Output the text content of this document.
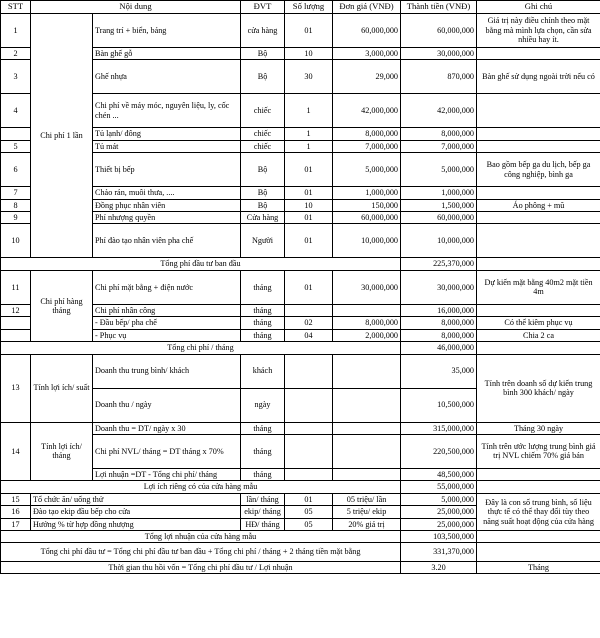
STT	Nội dung		ĐVT	Số lượng	Đơn giá (VNĐ)	Thành tiền (VNĐ)	Ghi chú
1	Chi phí 1 lần	Trang trí + biển, bảng	cửa hàng	01	60,000,000	60,000,000	Giá trị này điều chỉnh theo mặt bằng mà mình lựa chọn, cần sửa nhiều hay ít.
2		Bàn ghế gỗ	Bộ	10	3,000,000	30,000,000	
3		Ghế nhựa	Bộ	30	29,000	870,000	Bàn ghế sử dụng ngoài trời nếu có
4		Chi phí về máy móc, nguyên liệu, ly, cốc chén ...	chiếc	1	42,000,000	42,000,000	
		Tủ lạnh/ đông	chiếc	1	8,000,000	8,000,000	
5		Tủ mát	chiếc	1	7,000,000	7,000,000	
6		Thiết bị bếp	Bộ	01	5,000,000	5,000,000	Bao gồm bếp ga du lịch, bếp ga công nghiệp, bình ga
7		Chảo rán, muôi thưa, ....	Bộ	01	1,000,000	1,000,000	
8		Đồng phục nhân viên	Bộ	10	150,000	1,500,000	Áo phông + mũ
9		Phí nhượng quyền	Cửa hàng	01	60,000,000	60,000,000	
10		Phí đào tạo nhân viên pha chế	Người	01	10,000,000	10,000,000	
Tổng phí đầu tư ban đầu						225,370,000	
11	Chi phí hàng tháng	Chi phí mặt bằng + điện nước	tháng	01	30,000,000	30,000,000	Dự kiến mặt bằng 40m2 mặt tiền 4m
12		Chi phí nhân công	tháng			16,000,000	
		- Đầu bếp/ pha chế	tháng	02	8,000,000	8,000,000	Có thể kiêm phục vụ
		- Phục vụ	tháng	04	2,000,000	8,000,000	Chia 2 ca
Tổng chi phí / tháng						46,000,000	
13	Tính lợi ích/ suất	Doanh thu trung bình/ khách	khách			35,000	Tính trên doanh số dự kiến trung bình 300 khách/ ngày
		Doanh thu / ngày	ngày			10,500,000	
14	Tính lợi ích/ tháng	Doanh thu = DT/ ngày x 30	tháng			315,000,000	Tháng 30 ngày
		Chi phí NVL/ tháng = DT tháng x 70%	tháng			220,500,000	Tính trên ước lượng trung bình giá trị NVL chiếm 70% giá bán
		Lợi nhuận =DT - Tổng chi phí/ tháng	tháng			48,500,000	
Lợi ích riêng có của cửa hàng mẫu						55,000,000	
15	Tổ chức ăn/ uống thử		lần/ tháng	01	05 triệu/ lần	5,000,000	Đây là con số trung bình, số liệu thực tế có thể thay đổi tùy theo năng suất hoạt động của cửa hàng
16	Đào tạo ekip đầu bếp cho cửa		ekip/ tháng	05	5 triệu/ ekip	25,000,000	
17	Hưởng % từ hợp đồng nhượng		HĐ/ tháng	05	20% giá trị	25,000,000	
Tổng lợi nhuận của cửa hàng mẫu						103,500,000	
Tổng chi phí đầu tư = Tổng chi phí đầu tư ban đầu + Tổng chi phí / tháng + 2 tháng tiền mặt bằng						331,370,000	
Thời gian thu hồi vốn = Tổng chi phí đầu tư / Lợi nhuận						3.20	Tháng
